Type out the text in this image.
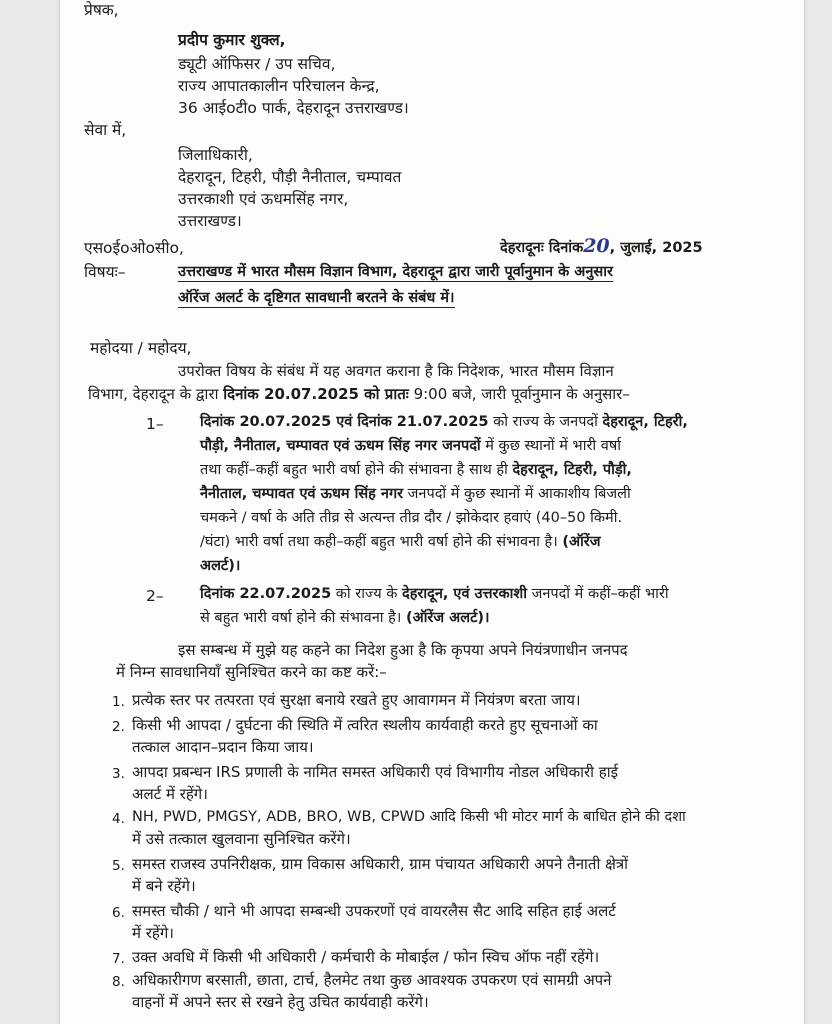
प्रेषक,
प्रदीप कुमार शुक्ल,
ड्यूटी ऑफिसर / उप सचिव,
राज्य आपातकालीन परिचालन केन्द्र,
36 आईoटीo पार्क, देहरादून उत्तराखण्ड।
सेवा में,
जिलाधिकारी,
देहरादून, टिहरी, पौड़ी नैनीताल, चम्पावत
उत्तरकाशी एवं ऊधमसिंह नगर,
उत्तराखण्ड।
एसoईoओoसीo,	देहरादूनः दिनांक20, जुलाई, 2025
विषयः–	उत्तराखण्ड में भारत मौसम विज्ञान विभाग, देहरादून द्वारा जारी पूर्वानुमान के अनुसार
ऑरेंज अलर्ट के दृष्टिगत सावधानी बरतने के संबंध में।
महोदया / महोदय,
उपरोक्त विषय के संबंध में यह अवगत कराना है कि निदेशक, भारत मौसम विज्ञान
विभाग, देहरादून के द्वारा दिनांक 20.07.2025 को प्रातः 9:00 बजे, जारी पूर्वानुमान के अनुसार–
1–	दिनांक 20.07.2025 एवं दिनांक 21.07.2025 को राज्य के जनपदों देहरादून, टिहरी,
पौड़ी, नैनीताल, चम्पावत एवं ऊधम सिंह नगर जनपदों में कुछ स्थानों में भारी वर्षा
तथा कहीं–कहीं बहुत भारी वर्षा होने की संभावना है साथ ही देहरादून, टिहरी, पौड़ी,
नैनीताल, चम्पावत एवं ऊधम सिंह नगर जनपदों में कुछ स्थानों में आकाशीय बिजली
चमकने / वर्षा के अति तीव्र से अत्यन्त तीव्र दौर / झोकेदार हवाएं (40–50 किमी.
/घंटा) भारी वर्षा तथा कही–कहीं बहुत भारी वर्षा होने की संभावना है। (ऑरेंज
अलर्ट)।
2–	दिनांक 22.07.2025 को राज्य के देहरादून, एवं उत्तरकाशी जनपदों में कहीं–कहीं भारी
से बहुत भारी वर्षा होने की संभावना है। (ऑरेंज अलर्ट)।
इस सम्बन्ध में मुझे यह कहने का निदेश हुआ है कि कृपया अपने नियंत्रणाधीन जनपद
में निम्न सावधानियाँ सुनिश्चित करने का कष्ट करें:–
1. प्रत्येक स्तर पर तत्परता एवं सुरक्षा बनाये रखते हुए आवागमन में नियंत्रण बरता जाय।
2. किसी भी आपदा / दुर्घटना की स्थिति में त्वरित स्थलीय कार्यवाही करते हुए सूचनाओं का
तत्काल आदान–प्रदान किया जाय।
3. आपदा प्रबन्धन IRS प्रणाली के नामित समस्त अधिकारी एवं विभागीय नोडल अधिकारी हाई
अलर्ट में रहेंगे।
4. NH, PWD, PMGSY, ADB, BRO, WB, CPWD आदि किसी भी मोटर मार्ग के बाधित होने की दशा
में उसे तत्काल खुलवाना सुनिश्चित करेंगे।
5. समस्त राजस्व उपनिरीक्षक, ग्राम विकास अधिकारी, ग्राम पंचायत अधिकारी अपने तैनाती क्षेत्रों
में बने रहेंगे।
6. समस्त चौकी / थाने भी आपदा सम्बन्धी उपकरणों एवं वायरलैस सैट आदि सहित हाई अलर्ट
में रहेंगे।
7. उक्त अवधि में किसी भी अधिकारी / कर्मचारी के मोबाईल / फोन स्विच ऑफ नहीं रहेंगे।
8. अधिकारीगण बरसाती, छाता, टार्च, हैलमेट तथा कुछ आवश्यक उपकरण एवं सामग्री अपने
वाहनों में अपने स्तर से रखने हेतु उचित कार्यवाही करेंगे।
